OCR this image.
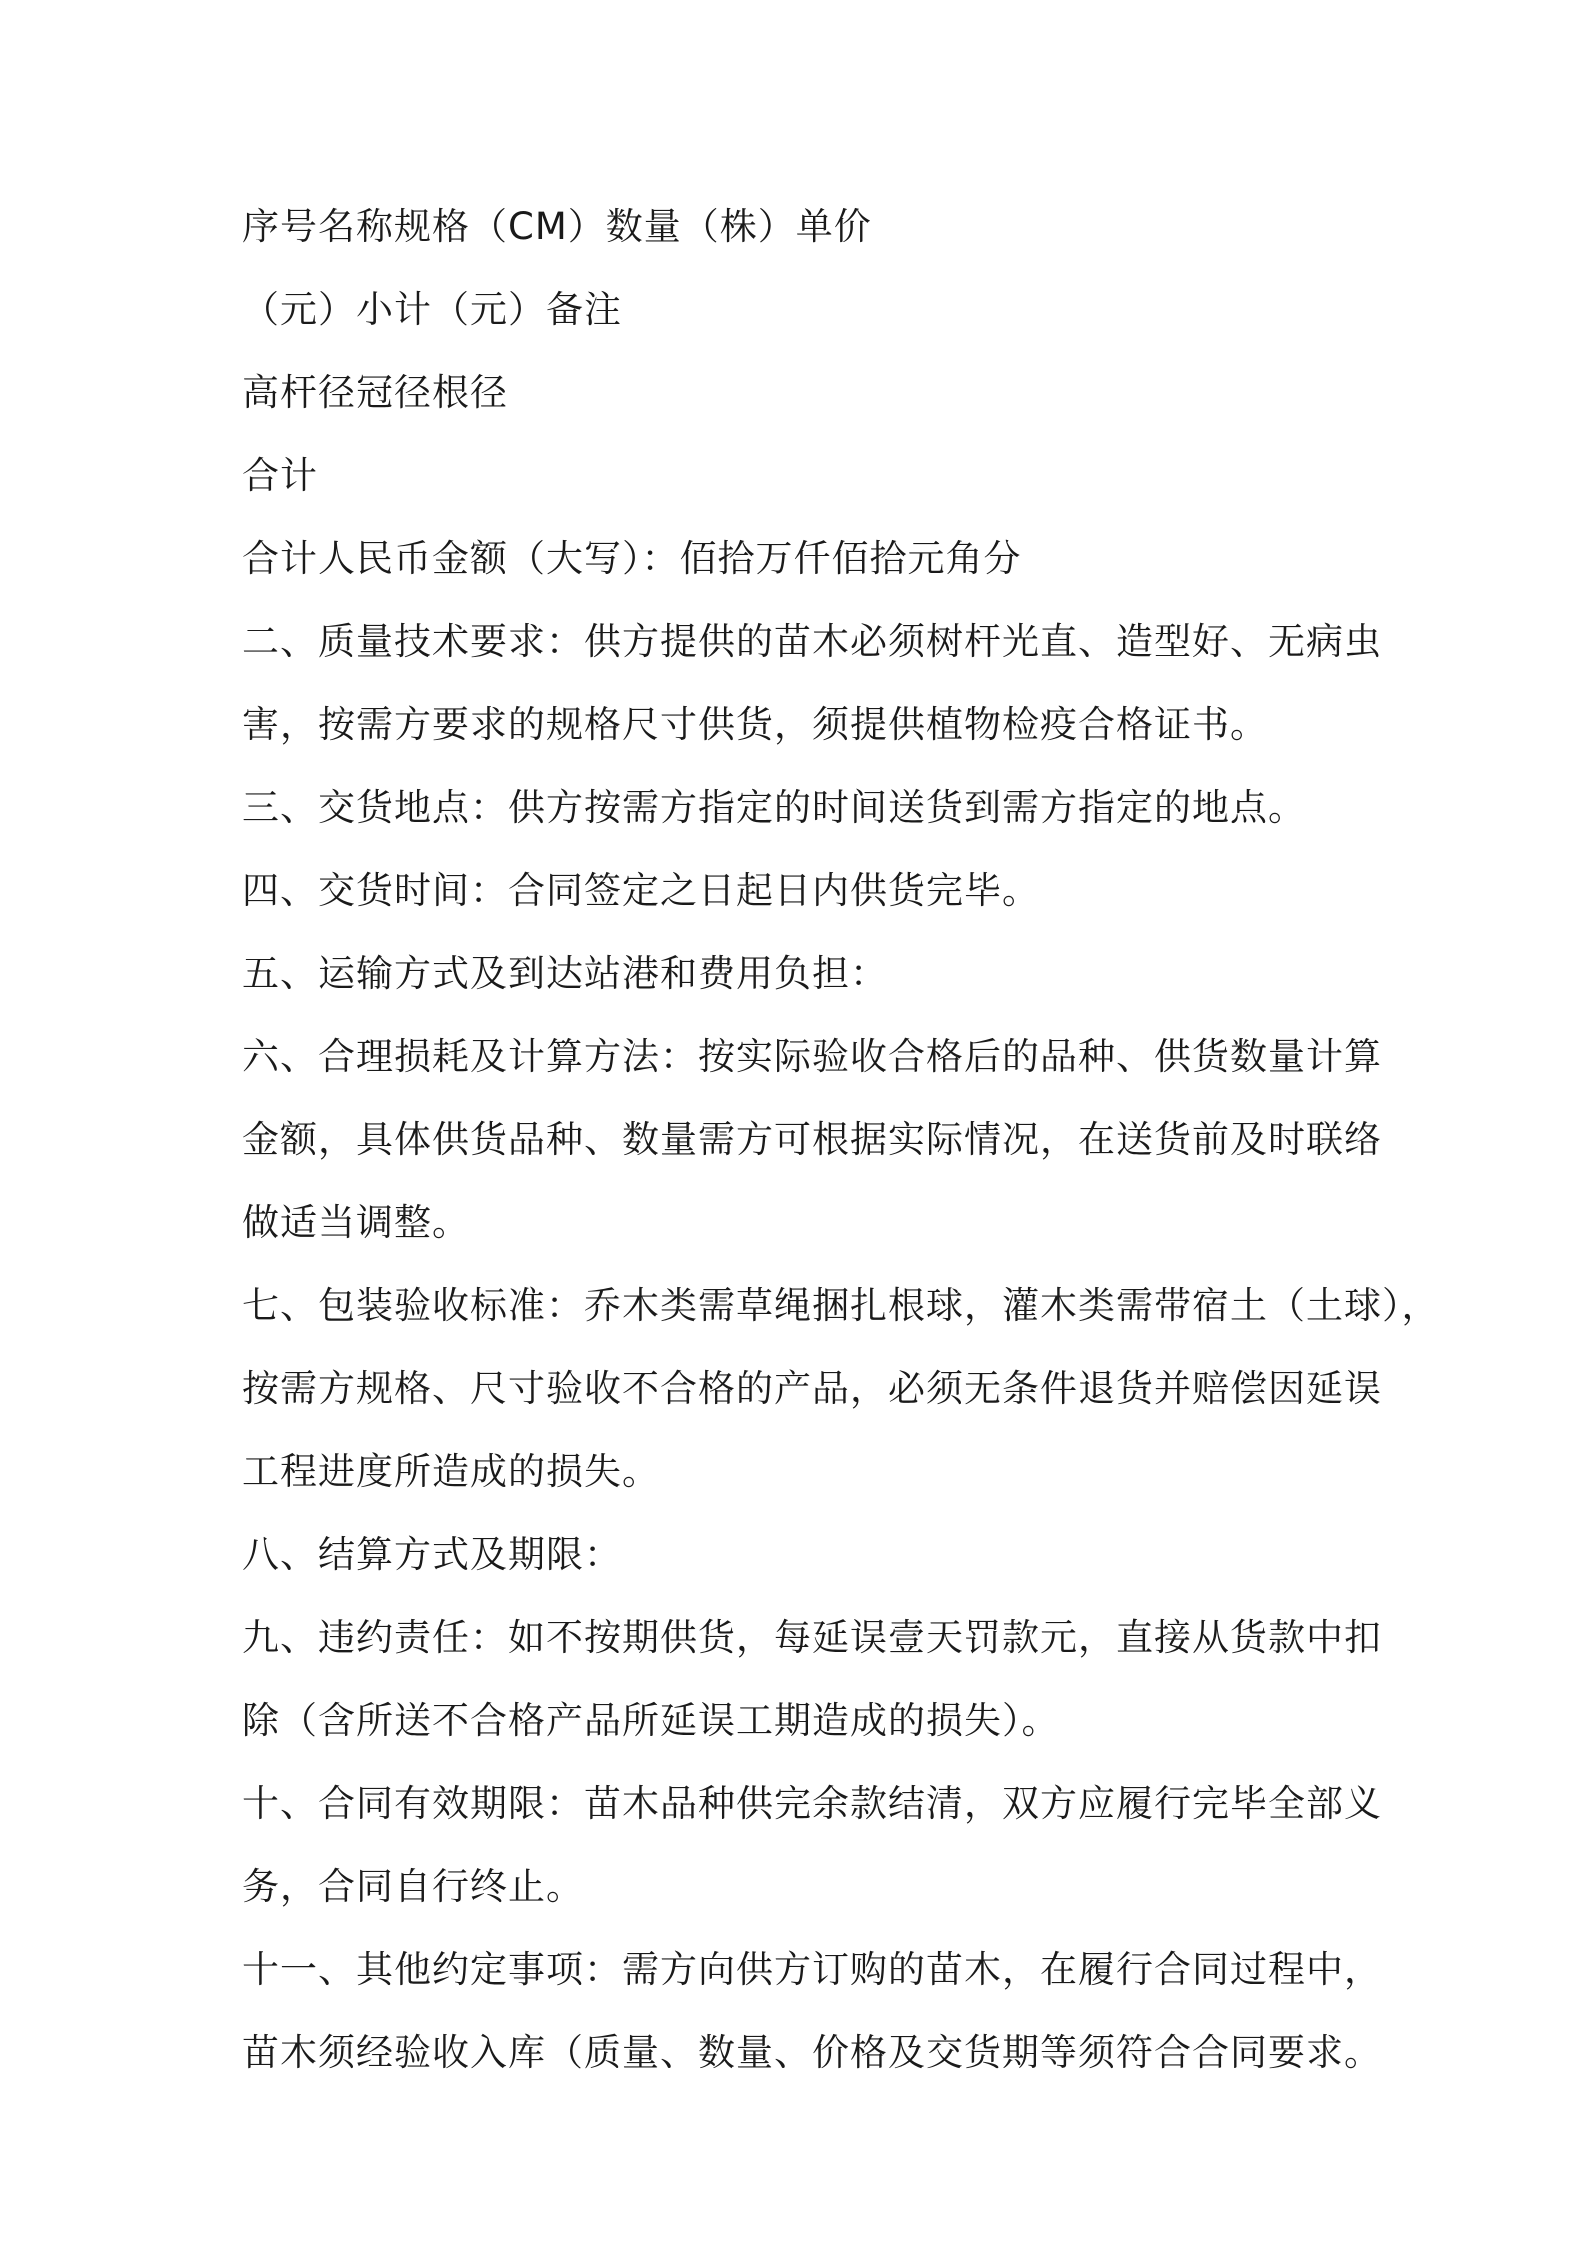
序号名称规格（CM）数量（株）单价

（元）小计（元）备注

高杆径冠径根径

合计

合计人民币金额（大写）：佰拾万仟佰拾元角分

二、质量技术要求：供方提供的苗木必须树杆光直、造型好、无病虫

害，按需方要求的规格尺寸供货，须提供植物检疫合格证书。

三、交货地点：供方按需方指定的时间送货到需方指定的地点。

四、交货时间：合同签定之日起日内供货完毕。

五、运输方式及到达站港和费用负担：

六、合理损耗及计算方法：按实际验收合格后的品种、供货数量计算

金额，具体供货品种、数量需方可根据实际情况，在送货前及时联络

做适当调整。

七、包装验收标准：乔木类需草绳捆扎根球，灌木类需带宿土（土球），

按需方规格、尺寸验收不合格的产品，必须无条件退货并赔偿因延误

工程进度所造成的损失。

八、结算方式及期限：

九、违约责任：如不按期供货，每延误壹天罚款元，直接从货款中扣

除（含所送不合格产品所延误工期造成的损失）。

十、合同有效期限：苗木品种供完余款结清，双方应履行完毕全部义

务，合同自行终止。

十一、其他约定事项：需方向供方订购的苗木，在履行合同过程中，

苗木须经验收入库（质量、数量、价格及交货期等须符合合同要求。
